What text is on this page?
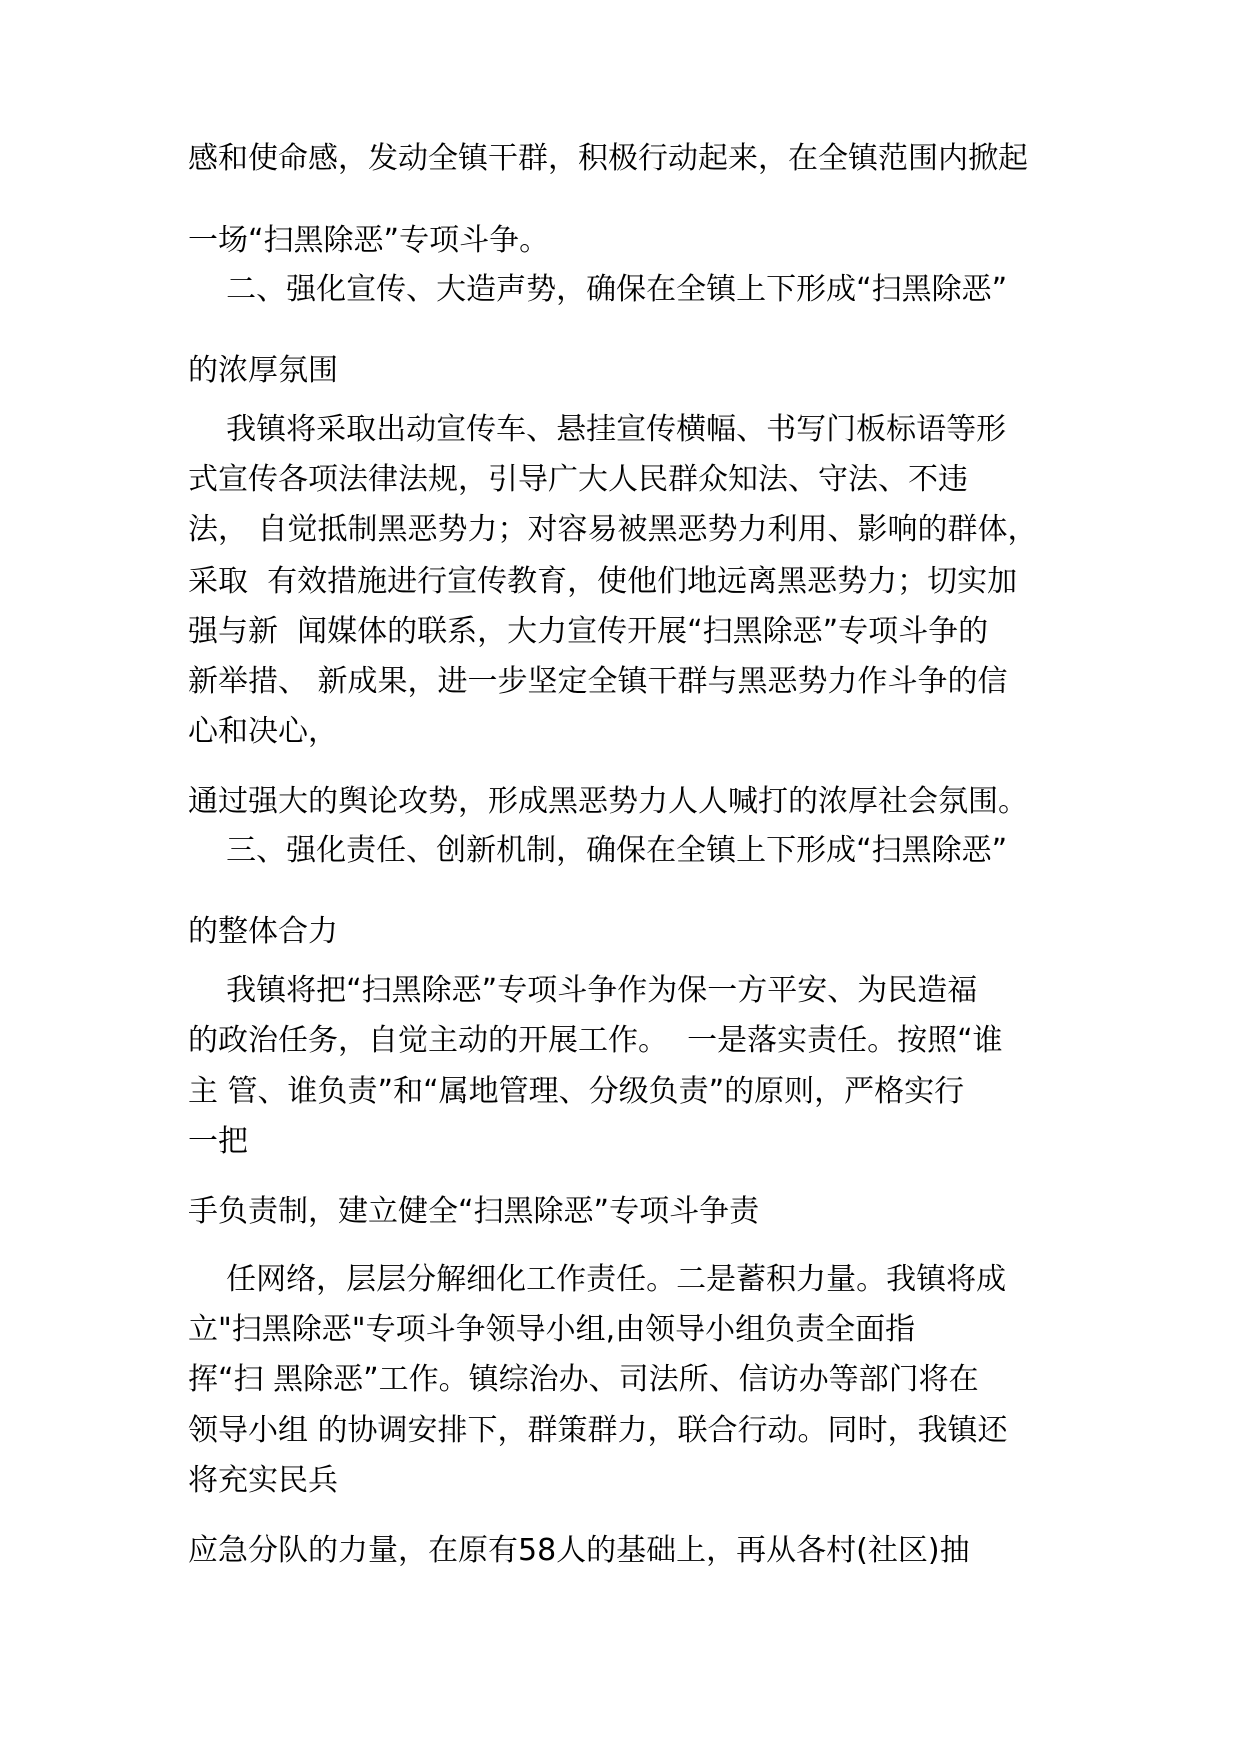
感和使命感，发动全镇干群，积极行动起来，在全镇范围内掀起

一场“扫黑除恶”专项斗争。

二、强化宣传、大造声势，确保在全镇上下形成“扫黑除恶”

的浓厚氛围

我镇将采取出动宣传车、悬挂宣传横幅、书写门板标语等形

式宣传各项法律法规，引导广大人民群众知法、守法、不违

法， 自觉抵制黑恶势力；对容易被黑恶势力利用、影响的群体，

采取  有效措施进行宣传教育，使他们地远离黑恶势力；切实加

强与新  闻媒体的联系，大力宣传开展“扫黑除恶”专项斗争的

新举措、 新成果，进一步坚定全镇干群与黑恶势力作斗争的信

心和决心，

通过强大的舆论攻势，形成黑恶势力人人喊打的浓厚社会氛围。

三、强化责任、创新机制，确保在全镇上下形成“扫黑除恶”

的整体合力

我镇将把“扫黑除恶”专项斗争作为保一方平安、为民造福

的政治任务，自觉主动的开展工作。  一是落实责任。按照“谁

主 管、谁负责”和“属地管理、分级负责”的原则，严格实行

一把

手负责制，建立健全“扫黑除恶”专项斗争责

任网络，层层分解细化工作责任。二是蓄积力量。我镇将成

立"扫黑除恶"专项斗争领导小组,由领导小组负责全面指

挥“扫 黑除恶”工作。镇综治办、司法所、信访办等部门将在

领导小组 的协调安排下，群策群力，联合行动。同时，我镇还

将充实民兵

应急分队的力量，在原有58人的基础上，再从各村(社区)抽
